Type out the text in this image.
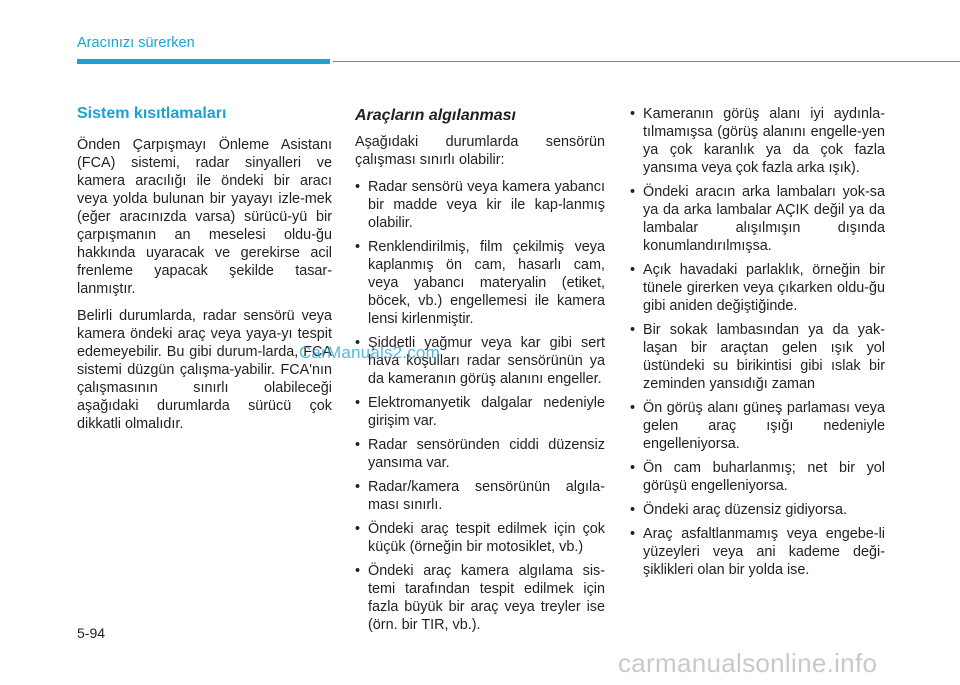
Aracınızı sürerken
Sistem kısıtlamaları

Önden Çarpışmayı Önleme Asistanı (FCA) sistemi, radar sinyalleri ve kamera aracılığı ile öndeki bir aracı veya yolda bulunan bir yayayı izle-mek (eğer aracınızda varsa) sürücü-yü bir çarpışmanın an meselesi oldu-ğu hakkında uyaracak ve gerekirse acil frenleme yapacak şekilde tasar-lanmıştır.

Belirli durumlarda, radar sensörü veya kamera öndeki araç veya yaya-yı tespit edemeyebilir. Bu gibi durum-larda, FCA sistemi düzgün çalışma-yabilir. FCA'nın çalışmasının sınırlı olabileceği aşağıdaki durumlarda sürücü çok dikkatli olmalıdır.

Araçların algılanması

Aşağıdaki durumlarda sensörün çalışması sınırlı olabilir:

• Radar sensörü veya kamera yabancı bir madde veya kir ile kap-lanmış olabilir.
• Renklendirilmiş, film çekilmiş veya kaplanmış ön cam, hasarlı cam, veya yabancı materyalin (etiket, böcek, vb.) engellemesi ile kamera lensi kirlenmiştir.
• Şiddetli yağmur veya kar gibi sert hava koşulları radar sensörünün ya da kameranın görüş alanını engeller.
• Elektromanyetik dalgalar nedeniyle girişim var.
• Radar sensöründen ciddi düzensiz yansıma var.
• Radar/kamera sensörünün algıla-ması sınırlı.
• Öndeki araç tespit edilmek için çok küçük (örneğin bir motosiklet, vb.)
• Öndeki araç kamera algılama sis-temi tarafından tespit edilmek için fazla büyük bir araç veya treyler ise (örn. bir TIR, vb.).
• Kameranın görüş alanı iyi aydınla-tılmamışsa (görüş alanını engelle-yen ya çok karanlık ya da çok fazla yansıma veya çok fazla arka ışık).
• Öndeki aracın arka lambaları yok-sa ya da arka lambalar AÇIK değil ya da lambalar alışılmışın dışında konumlandırılmışsa.
• Açık havadaki parlaklık, örneğin bir tünele girerken veya çıkarken oldu-ğu gibi aniden değiştiğinde.
• Bir sokak lambasından ya da yak-laşan bir araçtan gelen ışık yol üstündeki su birikintisi gibi ıslak bir zeminden yansıdığı zaman
• Ön görüş alanı güneş parlaması veya gelen araç ışığı nedeniyle engelleniyorsa.
• Ön cam buharlanmış; net bir yol görüşü engelleniyorsa.
• Öndeki araç düzensiz gidiyorsa.
• Araç asfaltlanmamış veya engebe-li yüzeyleri veya ani kademe deği-şiklikleri olan bir yolda ise.
CarManuals2.com
5-94
carmanualsonline.info
